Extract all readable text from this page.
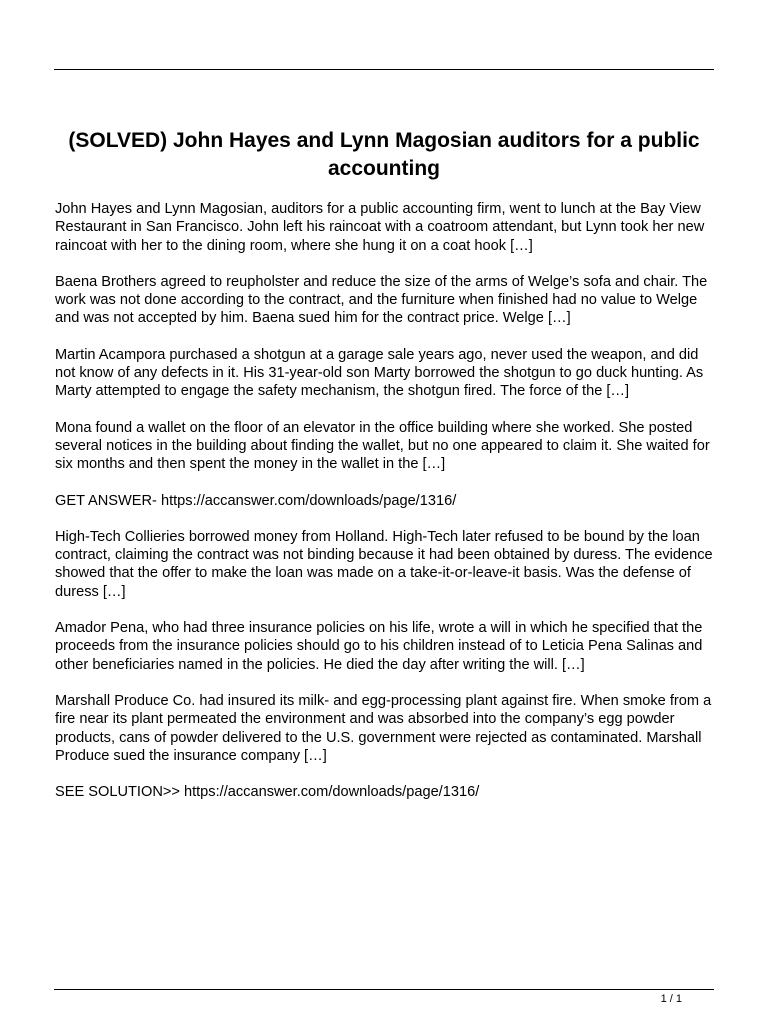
(SOLVED) John Hayes and Lynn Magosian auditors for a public accounting

John Hayes and Lynn Magosian, auditors for a public accounting firm, went to lunch at the Bay View Restaurant in San Francisco. John left his raincoat with a coatroom attendant, but Lynn took her new raincoat with her to the dining room, where she hung it on a coat hook […]

Baena Brothers agreed to reupholster and reduce the size of the arms of Welge’s sofa and chair. The work was not done according to the contract, and the furniture when finished had no value to Welge and was not accepted by him. Baena sued him for the contract price. Welge […]

Martin Acampora purchased a shotgun at a garage sale years ago, never used the weapon, and did not know of any defects in it. His 31-year-old son Marty borrowed the shotgun to go duck hunting. As Marty attempted to engage the safety mechanism, the shotgun fired. The force of the […]

Mona found a wallet on the floor of an elevator in the office building where she worked. She posted several notices in the building about finding the wallet, but no one appeared to claim it. She waited for six months and then spent the money in the wallet in the […]

GET ANSWER- https://accanswer.com/downloads/page/1316/

High-Tech Collieries borrowed money from Holland. High-Tech later refused to be bound by the loan contract, claiming the contract was not binding because it had been obtained by duress. The evidence showed that the offer to make the loan was made on a take-it-or-leave-it basis. Was the defense of duress […]

Amador Pena, who had three insurance policies on his life, wrote a will in which he specified that the proceeds from the insurance policies should go to his children instead of to Leticia Pena Salinas and other beneficiaries named in the policies. He died the day after writing the will. […]

Marshall Produce Co. had insured its milk- and egg-processing plant against fire. When smoke from a fire near its plant permeated the environment and was absorbed into the company’s egg powder products, cans of powder delivered to the U.S. government were rejected as contaminated. Marshall Produce sued the insurance company […]

SEE SOLUTION>> https://accanswer.com/downloads/page/1316/

1 / 1
